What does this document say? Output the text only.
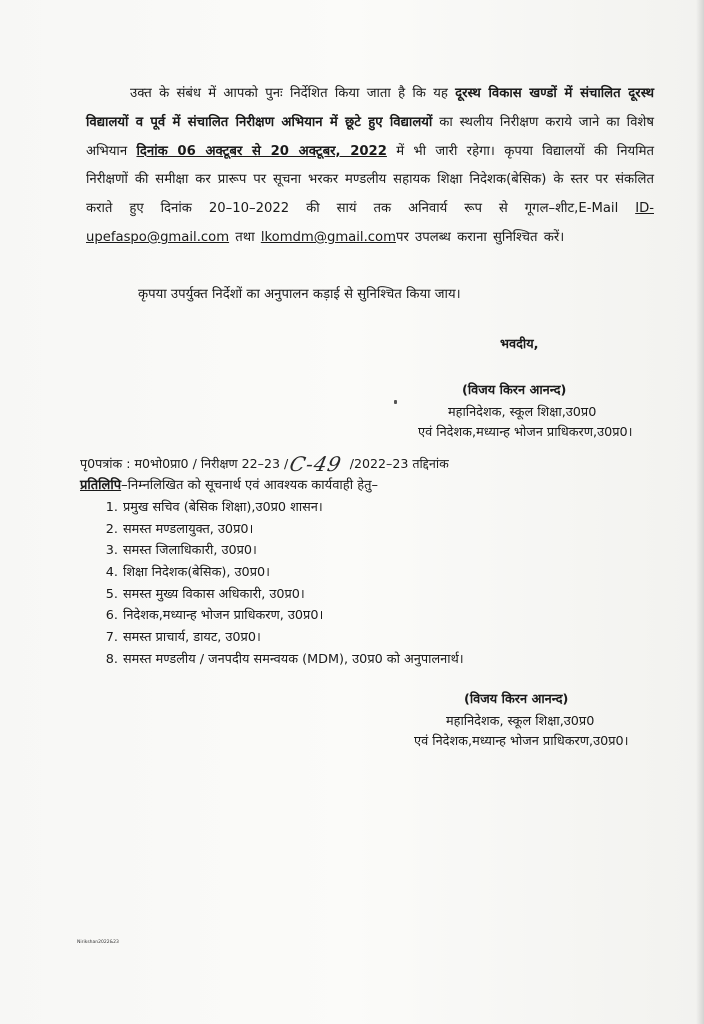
उक्त के संबंध में आपको पुनः निर्देशित किया जाता है कि यह दूरस्थ विकास खण्डों में संचालित दूरस्थ विद्यालयों व पूर्व में संचालित निरीक्षण अभियान में छूटे हुए विद्यालयों का स्थलीय निरीक्षण कराये जाने का विशेष अभियान दिनांक 06 अक्टूबर से 20 अक्टूबर, 2022 में भी जारी रहेगा। कृपया विद्यालयों की नियमित निरीक्षणों की समीक्षा कर प्रारूप पर सूचना भरकर मण्डलीय सहायक शिक्षा निदेशक(बेसिक) के स्तर पर संकलित कराते हुए दिनांक 20–10–2022 की सायं तक अनिवार्य रूप से गूगल–शीट,E-Mail ID-upefaspo@gmail.com तथा lkomdm@gmail.comपर उपलब्ध कराना सुनिश्चित करें।

कृपया उपर्युक्त निर्देशों का अनुपालन कड़ाई से सुनिश्चित किया जाय।
भवदीय,
(विजय किरन आनन्द)
महानिदेशक, स्कूल शिक्षा,उ0प्र0
एवं निदेशक,मध्यान्ह भोजन प्राधिकरण,उ0प्र0।
पृ0पत्रांक : म0भो0प्रा0 / निरीक्षण 22–23 /C-49 /2022–23 तद्दिनांक
प्रतिलिपि–निम्नलिखित को सूचनार्थ एवं आवश्यक कार्यवाही हेतु–
1. प्रमुख सचिव (बेसिक शिक्षा),उ0प्र0 शासन।
2. समस्त मण्डलायुक्त, उ0प्र0।
3. समस्त जिलाधिकारी, उ0प्र0।
4. शिक्षा निदेशक(बेसिक), उ0प्र0।
5. समस्त मुख्य विकास अधिकारी, उ0प्र0।
6. निदेशक,मध्यान्ह भोजन प्राधिकरण, उ0प्र0।
7. समस्त प्राचार्य, डायट, उ0प्र0।
8. समस्त मण्डलीय / जनपदीय समन्वयक (MDM), उ0प्र0 को अनुपालनार्थ।
(विजय किरन आनन्द)
महानिदेशक, स्कूल शिक्षा,उ0प्र0
एवं निदेशक,मध्यान्ह भोजन प्राधिकरण,उ0प्र0।
Nirikshan2022&23
